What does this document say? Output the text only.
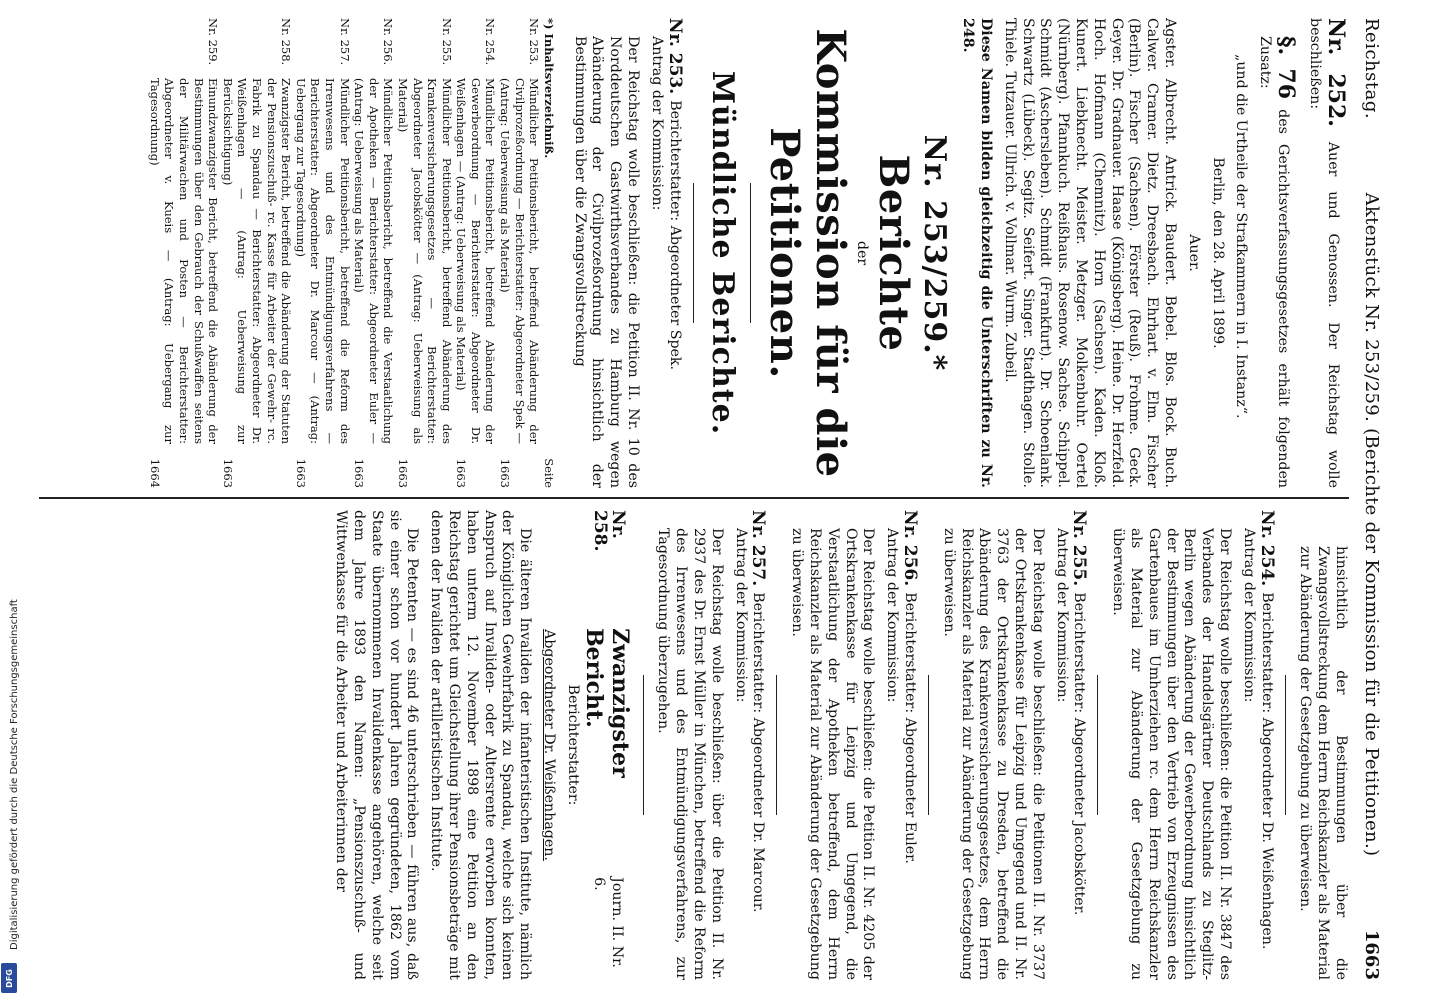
Digitalisierung gefördert durch die Deutsche Forschungsgemeinschaft
DFG
Reichstag.
Aktenstück Nr. 253/259. (Berichte der Kommission für die Petitionen.)
1663

Nr. 252. Auer und Genossen. Der Reichstag wolle beschließen:

§. 76 des Gerichtsverfassungsgesetzes erhält folgenden Zusatz:

„und die Urtheile der Strafkammern in I. Instanz“.

Berlin, den 28. April 1899.

Auer.

Agster. Albrecht. Antrick. Baudert. Bebel. Blos. Bock. Buch. Calwer. Cramer. Dietz. Dreesbach. Ehrhart. v. Elm. Fischer (Berlin). Fischer (Sachsen). Förster (Reuß). Frohme. Geck. Geyer. Dr. Gradnauer. Haase (Königsberg). Heine. Dr. Herzfeld. Hoch. Hofmann (Chemnitz). Horn (Sachsen). Kaden. Kloß. Kunert. Liebknecht. Meister. Metzger. Molkenbuhr. Oertel (Nürnberg). Pfannkuch. Reißhaus. Rosenow. Sachse. Schippel. Schmidt (Aschersleben). Schmidt (Frankfurt). Dr. Schoenlank. Schwartz (Lübeck). Segitz. Seifert. Singer. Stadthagen. Stolle. Thiele. Tutzauer. Ullrich. v. Vollmar. Wurm. Zubeil.

Diese Namen bilden gleichzeitig die Unterschriften zu Nr. 248.

Nr. 253/259.*
Berichte
der
Kommission für die Petitionen.
Mündliche Berichte.
Nr. 253.
Berichterstatter: Abgeordneter Spek.

Antrag der Kommission:

Der Reichstag wolle beschließen: die Petition II. Nr. 10 des Norddeutschen Gastwirthsverbandes zu Hamburg wegen Abänderung der Civilprozeßordnung hinsichtlich der Bestimmungen über die Zwangsvollstreckung

*) Inhaltsverzeichniß.
Seite
Nr. 253.
Mündlicher Petitionsbericht, betreffend Abänderung der Civilprozeßordnung — Berichterstatter: Abgeordneter Spek — (Antrag: Ueberweisung als Material)
1663
Nr. 254.
Mündlicher Petitionsbericht, betreffend Abänderung der Gewerbeordnung — Berichterstatter: Abgeordneter Dr. Weißenhagen — (Antrag: Ueberweisung als Material)
1663
Nr. 255.
Mündlicher Petitionsbericht, betreffend Abänderung des Krankenversicherungsgesetzes — Berichterstatter: Abgeordneter Jacobskötter — (Antrag: Ueberweisung als Material)
1663
Nr. 256.
Mündlicher Petitionsbericht, betreffend die Verstaatlichung der Apotheken — Berichterstatter: Abgeordneter Euler — (Antrag: Ueberweisung als Material)
1663
Nr. 257.
Mündlicher Petitionsbericht, betreffend die Reform des Irrenwesens und des Entmündigungsverfahrens — Berichterstatter: Abgeordneter Dr. Marcour — (Antrag: Uebergang zur Tagesordnung)
1663
Nr. 258.
Zwanzigster Bericht, betreffend die Abänderung der Statuten der Pensionszuschuß- rc. Kasse für Arbeiter der Gewehr- rc. Fabrik zu Spandau — Berichterstatter: Abgeordneter Dr. Weißenhagen — (Antrag: Ueberweisung zur Berücksichtigung)
1663
Nr. 259.
Einundzwanzigster Bericht, betreffend die Abänderung der Bestimmungen über den Gebrauch der Schußwaffen seitens der Militärwachen und Posten — Berichterstatter: Abgeordneter v. Kueis — (Antrag: Uebergang zur Tagesordnung)
1664

hinsichtlich der Bestimmungen über die Zwangsvollstreckung dem Herrn Reichskanzler als Material zur Abänderung der Gesetzgebung zu überweisen.

Nr. 254.
Berichterstatter: Abgeordneter Dr. Weißenhagen.

Antrag der Kommission:

Der Reichstag wolle beschließen: die Petition II. Nr. 3847 des Verbandes der Handelsgärtner Deutschlands zu Steglitz-Berlin wegen Abänderung der Gewerbeordnung hinsichtlich der Bestimmungen über den Vertrieb von Erzeugnissen des Gartenbaues im Umherziehen rc. dem Herrn Reichskanzler als Material zur Abänderung der Gesetzgebung zu überweisen.

Nr. 255.
Berichterstatter: Abgeordneter Jacobskötter.

Antrag der Kommission:

Der Reichstag wolle beschließen: die Petitionen II. Nr. 3737 der Ortskrankenkasse für Leipzig und Umgegend und II. Nr. 3763 der Ortskrankenkasse zu Dresden, betreffend die Abänderung des Krankenversicherungsgesetzes, dem Herrn Reichskanzler als Material zur Abänderung der Gesetzgebung zu überweisen.

Nr. 256.
Berichterstatter: Abgeordneter Euler.

Antrag der Kommission:

Der Reichstag wolle beschließen: die Petition II. Nr. 4205 der Ortskrankenkasse für Leipzig und Umgegend, die Verstaatlichung der Apotheken betreffend, dem Herrn Reichskanzler als Material zur Abänderung der Gesetzgebung zu überweisen.

Nr. 257.
Berichterstatter: Abgeordneter Dr. Marcour.

Antrag der Kommission:

Der Reichstag wolle beschließen: über die Petition II. Nr. 2937 des Dr. Ernst Müller in München, betreffend die Reform des Irrenwesens und des Entmündigungsverfahrens, zur Tagesordnung überzugehen.

Nr. 258.
Zwanzigster Bericht.
Journ. II. Nr. 6.

Berichterstatter:

Abgeordneter Dr. Weißenhagen.

Die älteren Invaliden der infanteristischen Institute, nämlich der Königlichen Gewehrfabrik zu Spandau, welche sich keinen Anspruch auf Invaliden- oder Altersrente erworben konnten, haben unterm 12. November 1898 eine Petition an den Reichstag gerichtet um Gleichstellung ihrer Pensionsbeträge mit denen der Invaliden der artilleristischen Institute.

Die Petenten — es sind 46 unterschrieben — führen aus, daß sie einer schon vor hundert Jahren gegründeten, 1862 vom Staate übernommenen Invalidenkasse angehören, welche seit dem Jahre 1893 den Namen: „Pensionszuschuß- und Wittwenkasse für die Arbeiter und Arbeiterinnen der
